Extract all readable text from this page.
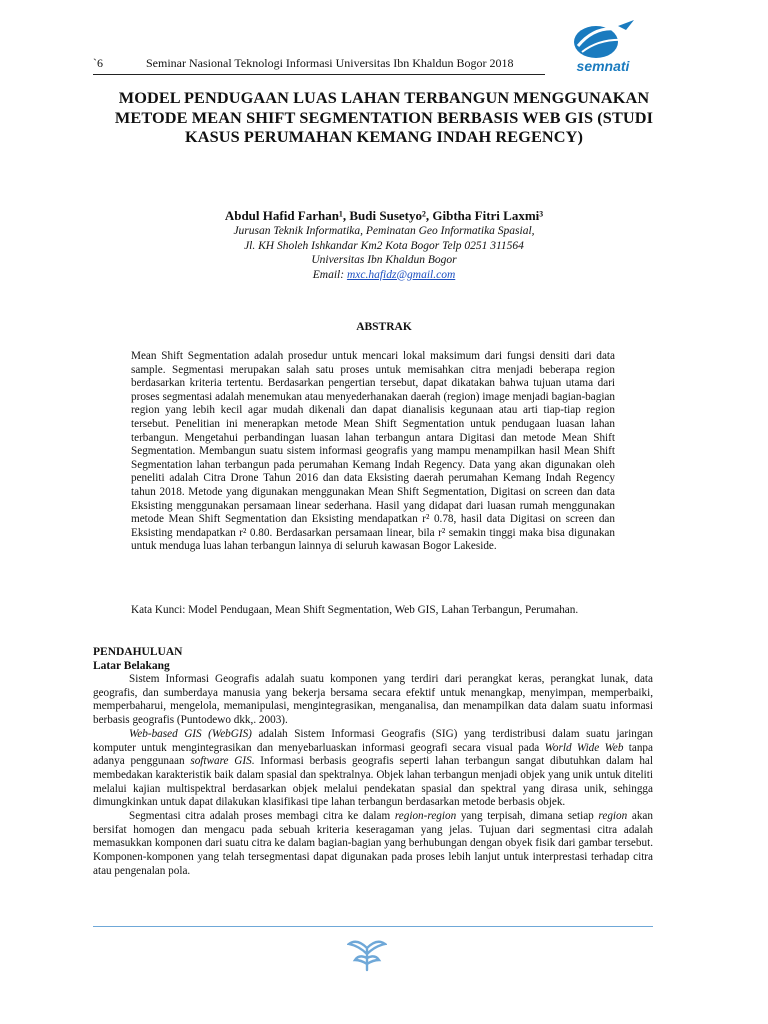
`6	Seminar Nasional Teknologi Informasi Universitas Ibn Khaldun Bogor 2018	semnati
MODEL PENDUGAAN LUAS LAHAN TERBANGUN MENGGUNAKAN METODE MEAN SHIFT SEGMENTATION BERBASIS WEB GIS (STUDI KASUS PERUMAHAN KEMANG INDAH REGENCY)
Abdul Hafid Farhan¹, Budi Susetyo², Gibtha Fitri Laxmi³
Jurusan Teknik Informatika, Peminatan Geo Informatika Spasial,
Jl. KH Sholeh Ishkandar Km2 Kota Bogor Telp 0251 311564
Universitas Ibn Khaldun Bogor
Email: mxc.hafidz@gmail.com
ABSTRAK
Mean Shift Segmentation adalah prosedur untuk mencari lokal maksimum dari fungsi densiti dari data sample. Segmentasi merupakan salah satu proses untuk memisahkan citra menjadi beberapa region berdasarkan kriteria tertentu. Berdasarkan pengertian tersebut, dapat dikatakan bahwa tujuan utama dari proses segmentasi adalah menemukan atau menyederhanakan daerah (region) image menjadi bagian-bagian region yang lebih kecil agar mudah dikenali dan dapat dianalisis kegunaan atau arti tiap-tiap region tersebut. Penelitian ini menerapkan metode Mean Shift Segmentation untuk pendugaan luasan lahan terbangun. Mengetahui perbandingan luasan lahan terbangun antara Digitasi dan metode Mean Shift Segmentation. Membangun suatu sistem informasi geografis yang mampu menampilkan hasil Mean Shift Segmentation lahan terbangun pada perumahan Kemang Indah Regency. Data yang akan digunakan oleh peneliti adalah Citra Drone Tahun 2016 dan data Eksisting daerah perumahan Kemang Indah Regency tahun 2018. Metode yang digunakan menggunakan Mean Shift Segmentation, Digitasi on screen dan data Eksisting menggunakan persamaan linear sederhana. Hasil yang didapat dari luasan rumah menggunakan metode Mean Shift Segmentation dan Eksisting mendapatkan r² 0.78, hasil data Digitasi on screen dan Eksisting mendapatkan r² 0.80. Berdasarkan persamaan linear, bila r² semakin tinggi maka bisa digunakan untuk menduga luas lahan terbangun lainnya di seluruh kawasan Bogor Lakeside.
Kata Kunci: Model Pendugaan, Mean Shift Segmentation, Web GIS, Lahan Terbangun, Perumahan.
PENDAHULUAN
Latar Belakang

Sistem Informasi Geografis adalah suatu komponen yang terdiri dari perangkat keras, perangkat lunak, data geografis, dan sumberdaya manusia yang bekerja bersama secara efektif untuk menangkap, menyimpan, memperbaiki, memperbaharui, mengelola, memanipulasi, mengintegrasikan, menganalisa, dan menampilkan data dalam suatu informasi berbasis geografis (Puntodewo dkk,. 2003).

Web-based GIS (WebGIS) adalah Sistem Informasi Geografis (SIG) yang terdistribusi dalam suatu jaringan komputer untuk mengintegrasikan dan menyebarluaskan informasi geografi secara visual pada World Wide Web tanpa adanya penggunaan software GIS. Informasi berbasis geografis seperti lahan terbangun sangat dibutuhkan dalam hal membedakan karakteristik baik dalam spasial dan spektralnya. Objek lahan terbangun menjadi objek yang unik untuk diteliti melalui kajian multispektral berdasarkan objek melalui pendekatan spasial dan spektral yang dirasa unik, sehingga dimungkinkan untuk dapat dilakukan klasifikasi tipe lahan terbangun berdasarkan metode berbasis objek.

Segmentasi citra adalah proses membagi citra ke dalam region-region yang terpisah, dimana setiap region akan bersifat homogen dan mengacu pada sebuah kriteria keseragaman yang jelas. Tujuan dari segmentasi citra adalah memasukkan komponen dari suatu citra ke dalam bagian-bagian yang berhubungan dengan obyek fisik dari gambar tersebut. Komponen-komponen yang telah tersegmentasi dapat digunakan pada proses lebih lanjut untuk interprestasi terhadap citra atau pengenalan pola.
